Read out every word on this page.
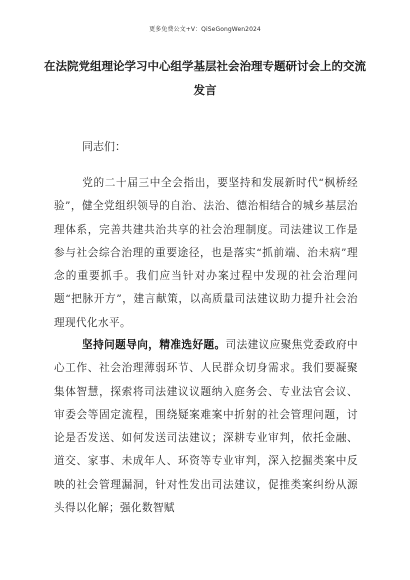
更多免费公文+V：QiSeGongWen2024
在法院党组理论学习中心组学基层社会治理专题研讨会上的交流发言
同志们：
党的二十届三中全会指出，要坚持和发展新时代“枫桥经验”，健全党组织领导的自治、法治、德治相结合的城乡基层治理体系，完善共建共治共享的社会治理制度。司法建议工作是参与社会综合治理的重要途径，也是落实“抓前端、治未病”理念的重要抓手。我们应当针对办案过程中发现的社会治理问题“把脉开方”，建言献策，以高质量司法建议助力提升社会治理现代化水平。
坚持问题导向，精准选好题。司法建议应聚焦党委政府中心工作、社会治理薄弱环节、人民群众切身需求。我们要凝聚集体智慧，探索将司法建议议题纳入庭务会、专业法官会议、审委会等固定流程，围绕疑案难案中折射的社会管理问题，讨论是否发送、如何发送司法建议；深耕专业审判，依托金融、道交、家事、未成年人、环资等专业审判，深入挖掘类案中反映的社会管理漏洞，针对性发出司法建议，促推类案纠纷从源头得以化解；强化数智赋
